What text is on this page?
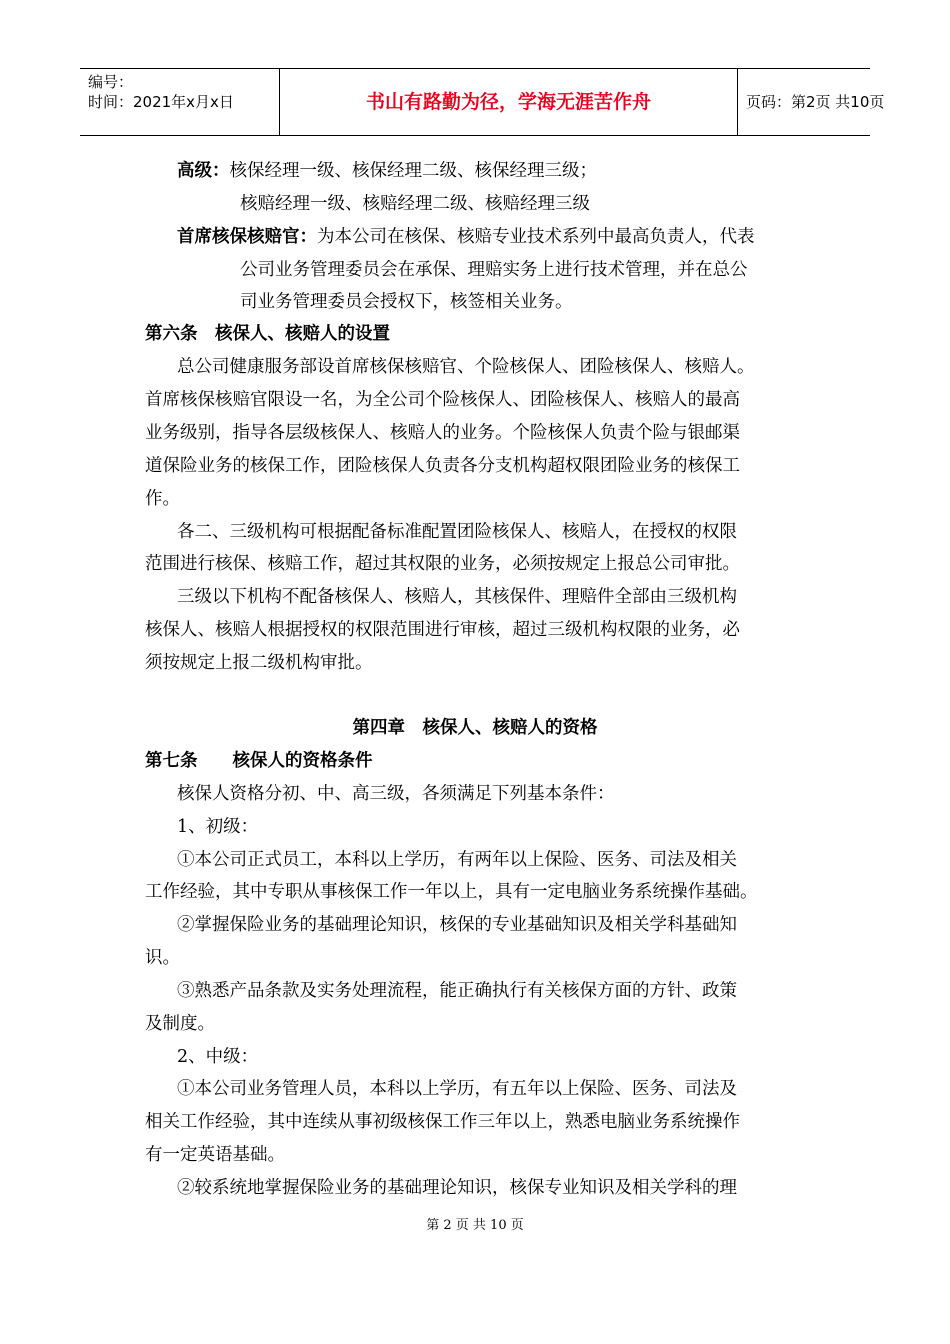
编号：
时间：2021年x月x日	书山有路勤为径，学海无涯苦作舟	页码：第2页 共10页
高级：核保经理一级、核保经理二级、核保经理三级；
核赔经理一级、核赔经理二级、核赔经理三级
首席核保核赔官：为本公司在核保、核赔专业技术系列中最高负责人，代表
公司业务管理委员会在承保、理赔实务上进行技术管理，并在总公
司业务管理委员会授权下，核签相关业务。
第六条　核保人、核赔人的设置
总公司健康服务部设首席核保核赔官、个险核保人、团险核保人、核赔人。
首席核保核赔官限设一名，为全公司个险核保人、团险核保人、核赔人的最高
业务级别，指导各层级核保人、核赔人的业务。个险核保人负责个险与银邮渠
道保险业务的核保工作，团险核保人负责各分支机构超权限团险业务的核保工
作。
各二、三级机构可根据配备标准配置团险核保人、核赔人，在授权的权限
范围进行核保、核赔工作，超过其权限的业务，必须按规定上报总公司审批。
三级以下机构不配备核保人、核赔人，其核保件、理赔件全部由三级机构
核保人、核赔人根据授权的权限范围进行审核，超过三级机构权限的业务，必
须按规定上报二级机构审批。
第四章　核保人、核赔人的资格
第七条　　核保人的资格条件
核保人资格分初、中、高三级，各须满足下列基本条件：
1、初级：
①本公司正式员工，本科以上学历，有两年以上保险、医务、司法及相关
工作经验，其中专职从事核保工作一年以上，具有一定电脑业务系统操作基础。
②掌握保险业务的基础理论知识，核保的专业基础知识及相关学科基础知
识。
③熟悉产品条款及实务处理流程，能正确执行有关核保方面的方针、政策
及制度。
2、中级：
①本公司业务管理人员，本科以上学历，有五年以上保险、医务、司法及
相关工作经验，其中连续从事初级核保工作三年以上，熟悉电脑业务系统操作
有一定英语基础。
②较系统地掌握保险业务的基础理论知识，核保专业知识及相关学科的理
第 2 页 共 10 页
